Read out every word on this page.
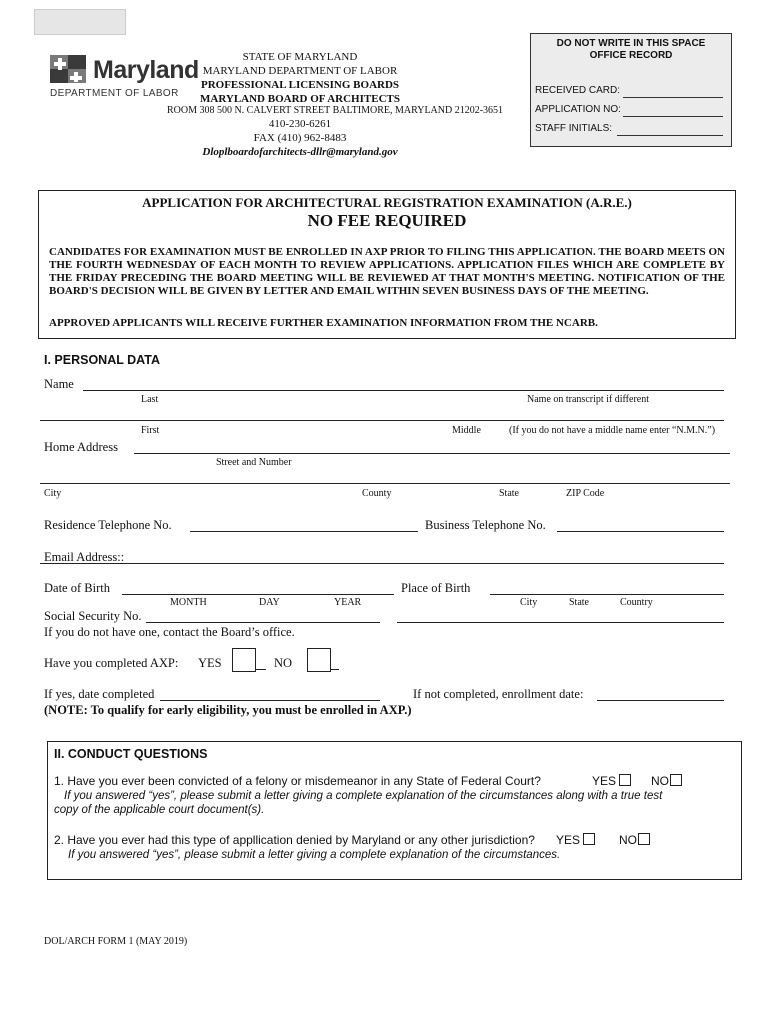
Maryland
DEPARTMENT OF LABOR
STATE OF MARYLAND
MARYLAND DEPARTMENT OF LABOR
PROFESSIONAL LICENSING BOARDS
MARYLAND BOARD OF ARCHITECTS
ROOM 308 500 N. CALVERT STREET BALTIMORE, MARYLAND 21202-3651
410-230-6261
FAX (410) 962-8483
Dloplboardofarchitects-dllr@maryland.gov
DO NOT WRITE IN THIS SPACE
OFFICE RECORD
RECEIVED CARD:
APPLICATION NO:
STAFF INITIALS:
APPLICATION FOR ARCHITECTURAL REGISTRATION EXAMINATION (A.R.E.)
NO FEE REQUIRED
CANDIDATES FOR EXAMINATION MUST BE ENROLLED IN AXP PRIOR TO FILING THIS APPLICATION. THE BOARD MEETS ON THE FOURTH WEDNESDAY OF EACH MONTH TO REVIEW APPLICATIONS. APPLICATION FILES WHICH ARE COMPLETE BY THE FRIDAY PRECEDING THE BOARD MEETING WILL BE REVIEWED AT THAT MONTH'S MEETING. NOTIFICATION OF THE BOARD'S DECISION WILL BE GIVEN BY LETTER AND EMAIL WITHIN SEVEN BUSINESS DAYS OF THE MEETING.
APPROVED APPLICANTS WILL RECEIVE FURTHER EXAMINATION INFORMATION FROM THE NCARB.
I. PERSONAL DATA
Name
Last	Name on transcript if different
First	Middle	(If you do not have a middle name enter “N.M.N.”)
Home Address
Street and Number
City	County	State	ZIP Code
Residence Telephone No.	Business Telephone No.
Email Address::
Date of Birth	Place of Birth
MONTH	DAY	YEAR	City	State	Country
Social Security No.
If you do not have one, contact the Board’s office.
Have you completed AXP: YES	NO
If yes, date completed	If not completed, enrollment date:
(NOTE: To qualify for early eligibility, you must be enrolled in AXP.)
II. CONDUCT QUESTIONS
1. Have you ever been convicted of a felony or misdemeanor in any State of Federal Court?	YES	NO
If you answered “yes”, please submit a letter giving a complete explanation of the circumstances along with a true test
copy of the applicable court document(s).
2. Have you ever had this type of appllication denied by Maryland or any other jurisdiction? YES	NO
If you answered “yes”, please submit a letter giving a complete explanation of the circumstances.
DOL/ARCH FORM 1 (MAY 2019)
